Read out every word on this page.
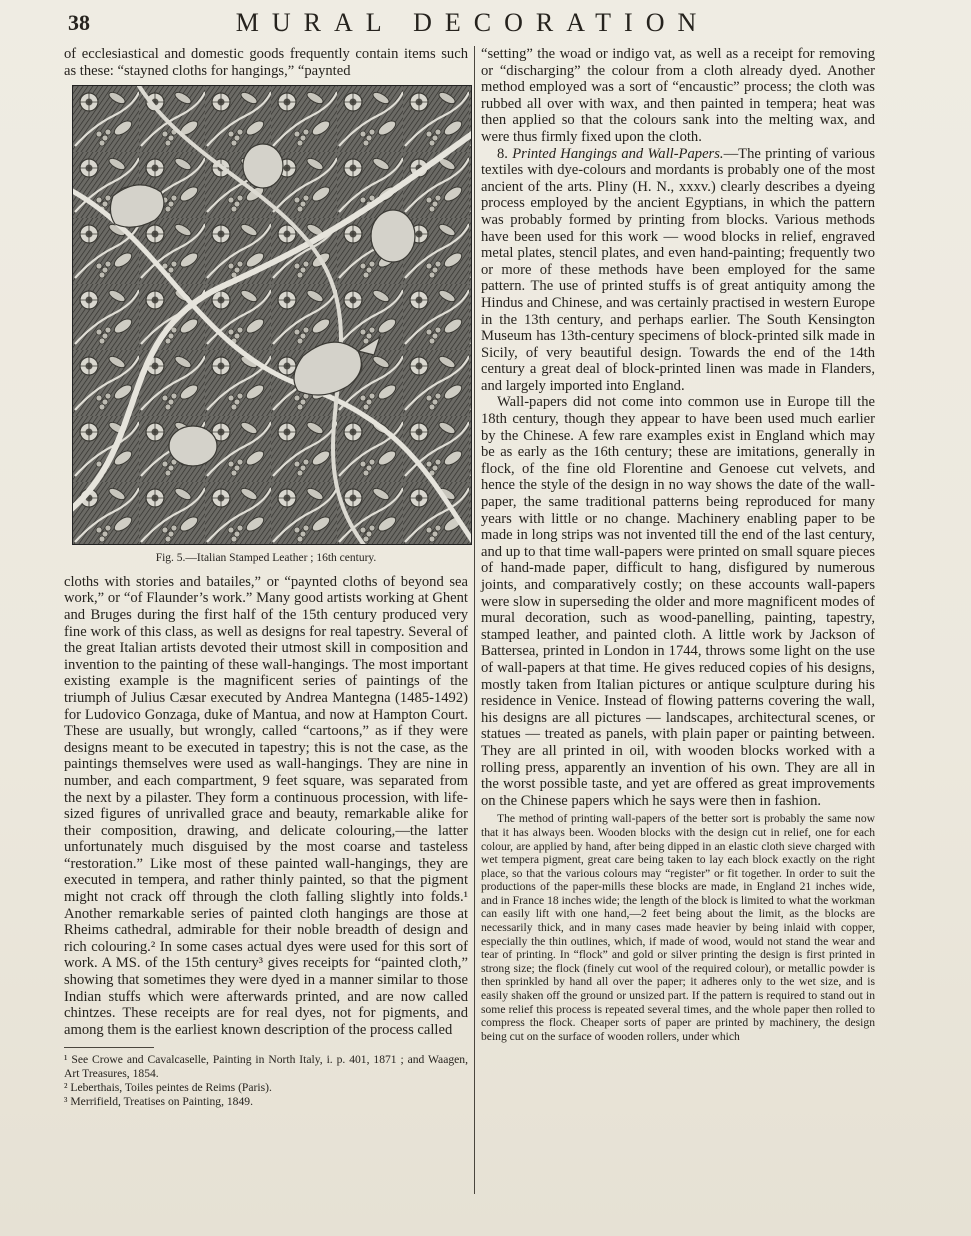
38	MURAL DECORATION

of ecclesiastical and domestic goods frequently contain items such as these: “stayned cloths for hangings,” “paynted

Fig. 5.—Italian Stamped Leather ; 16th century.

cloths with stories and batailes,” or “paynted cloths of beyond sea work,” or “of Flaunder’s work.” Many good artists working at Ghent and Bruges during the first half of the 15th century produced very fine work of this class, as well as designs for real tapestry. Several of the great Italian artists devoted their utmost skill in composition and invention to the painting of these wall-hangings. The most important existing example is the magnificent series of paintings of the triumph of Julius Cæsar executed by Andrea Mantegna (1485-1492) for Ludovico Gonzaga, duke of Mantua, and now at Hampton Court. These are usually, but wrongly, called “cartoons,” as if they were designs meant to be executed in tapestry; this is not the case, as the paintings themselves were used as wall-hangings. They are nine in number, and each compartment, 9 feet square, was separated from the next by a pilaster. They form a continuous procession, with life-sized figures of unrivalled grace and beauty, remarkable alike for their composition, drawing, and delicate colouring,—the latter unfortunately much disguised by the most coarse and tasteless “restoration.” Like most of these painted wall-hangings, they are executed in tempera, and rather thinly painted, so that the pigment might not crack off through the cloth falling slightly into folds.¹ Another remarkable series of painted cloth hangings are those at Rheims cathedral, admirable for their noble breadth of design and rich colouring.² In some cases actual dyes were used for this sort of work. A MS. of the 15th century³ gives receipts for “painted cloth,” showing that sometimes they were dyed in a manner similar to those Indian stuffs which were afterwards printed, and are now called chintzes. These receipts are for real dyes, not for pigments, and among them is the earliest known description of the process called

¹ See Crowe and Cavalcaselle, Painting in North Italy, i. p. 401, 1871 ; and Waagen, Art Treasures, 1854.

² Leberthais, Toiles peintes de Reims (Paris).

³ Merrifield, Treatises on Painting, 1849.

“setting” the woad or indigo vat, as well as a receipt for removing or “discharging” the colour from a cloth already dyed. Another method employed was a sort of “encaustic” process; the cloth was rubbed all over with wax, and then painted in tempera; heat was then applied so that the colours sank into the melting wax, and were thus firmly fixed upon the cloth.

8. Printed Hangings and Wall-Papers.—The printing of various textiles with dye-colours and mordants is probably one of the most ancient of the arts. Pliny (H. N., xxxv.) clearly describes a dyeing process employed by the ancient Egyptians, in which the pattern was probably formed by printing from blocks. Various methods have been used for this work — wood blocks in relief, engraved metal plates, stencil plates, and even hand-painting; frequently two or more of these methods have been employed for the same pattern. The use of printed stuffs is of great antiquity among the Hindus and Chinese, and was certainly practised in western Europe in the 13th century, and perhaps earlier. The South Kensington Museum has 13th-century specimens of block-printed silk made in Sicily, of very beautiful design. Towards the end of the 14th century a great deal of block-printed linen was made in Flanders, and largely imported into England.

Wall-papers did not come into common use in Europe till the 18th century, though they appear to have been used much earlier by the Chinese. A few rare examples exist in England which may be as early as the 16th century; these are imitations, generally in flock, of the fine old Florentine and Genoese cut velvets, and hence the style of the design in no way shows the date of the wall-paper, the same traditional patterns being reproduced for many years with little or no change. Machinery enabling paper to be made in long strips was not invented till the end of the last century, and up to that time wall-papers were printed on small square pieces of hand-made paper, difficult to hang, disfigured by numerous joints, and comparatively costly; on these accounts wall-papers were slow in superseding the older and more magnificent modes of mural decoration, such as wood-panelling, painting, tapestry, stamped leather, and painted cloth. A little work by Jackson of Battersea, printed in London in 1744, throws some light on the use of wall-papers at that time. He gives reduced copies of his designs, mostly taken from Italian pictures or antique sculpture during his residence in Venice. Instead of flowing patterns covering the wall, his designs are all pictures — landscapes, architectural scenes, or statues — treated as panels, with plain paper or painting between. They are all printed in oil, with wooden blocks worked with a rolling press, apparently an invention of his own. They are all in the worst possible taste, and yet are offered as great improvements on the Chinese papers which he says were then in fashion.

The method of printing wall-papers of the better sort is probably the same now that it has always been. Wooden blocks with the design cut in relief, one for each colour, are applied by hand, after being dipped in an elastic cloth sieve charged with wet tempera pigment, great care being taken to lay each block exactly on the right place, so that the various colours may “register” or fit together. In order to suit the productions of the paper-mills these blocks are made, in England 21 inches wide, and in France 18 inches wide; the length of the block is limited to what the workman can easily lift with one hand,—2 feet being about the limit, as the blocks are necessarily thick, and in many cases made heavier by being inlaid with copper, especially the thin outlines, which, if made of wood, would not stand the wear and tear of printing. In “flock” and gold or silver printing the design is first printed in strong size; the flock (finely cut wool of the required colour), or metallic powder is then sprinkled by hand all over the paper; it adheres only to the wet size, and is easily shaken off the ground or unsized part. If the pattern is required to stand out in some relief this process is repeated several times, and the whole paper then rolled to compress the flock. Cheaper sorts of paper are printed by machinery, the design being cut on the surface of wooden rollers, under which
